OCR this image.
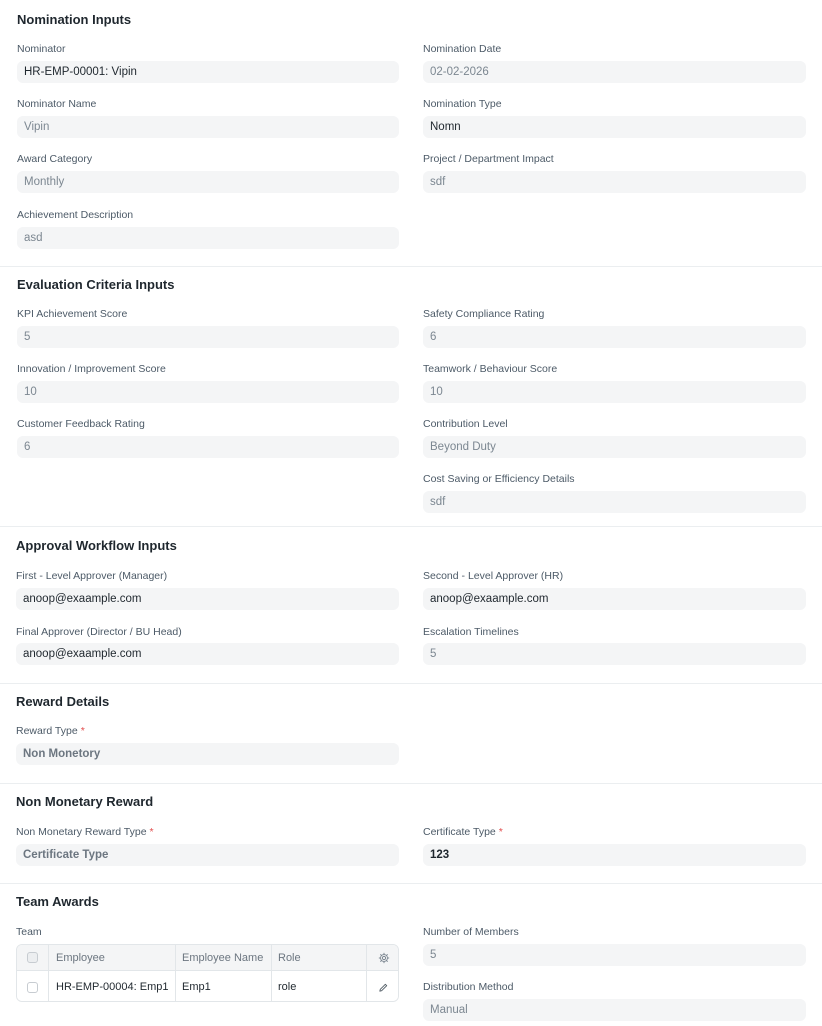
Nomination Inputs
Nominator
HR-EMP-00001: Vipin
Nomination Date
02-02-2026
Nominator Name
Vipin
Nomination Type
Nomn
Award Category
Monthly
Project / Department Impact
sdf
Achievement Description
asd
Evaluation Criteria Inputs
KPI Achievement Score
5
Safety Compliance Rating
6
Innovation / Improvement Score
10
Teamwork / Behaviour Score
10
Customer Feedback Rating
6
Contribution Level
Beyond Duty
Cost Saving or Efficiency Details
sdf
Approval Workflow Inputs
First - Level Approver (Manager)
anoop@exaample.com
Second - Level Approver (HR)
anoop@exaample.com
Final Approver (Director / BU Head)
anoop@exaample.com
Escalation Timelines
5
Reward Details
Reward Type *
Non Monetory
Non Monetary Reward
Non Monetary Reward Type *
Certificate Type
Certificate Type *
123
Team Awards
Team
Employee	Employee Name	Role
HR-EMP-00004: Emp1	Emp1	role
Number of Members
5
Distribution Method
Manual
